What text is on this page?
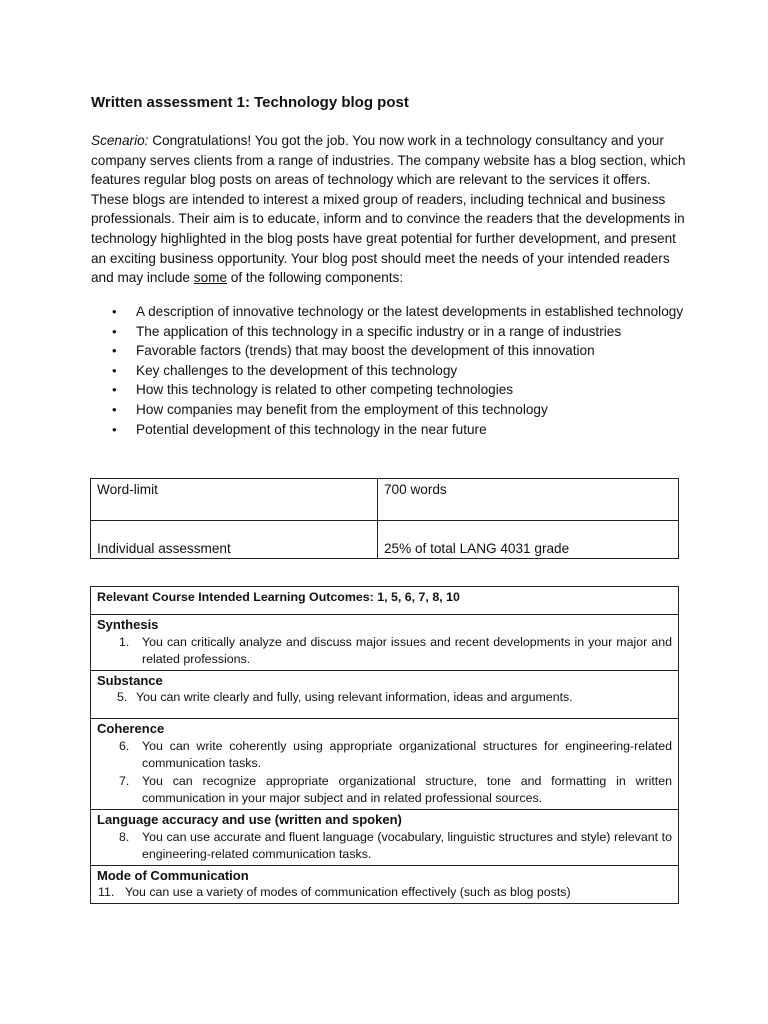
Written assessment 1: Technology blog post
Scenario: Congratulations! You got the job. You now work in a technology consultancy and your company serves clients from a range of industries. The company website has a blog section, which features regular blog posts on areas of technology which are relevant to the services it offers. These blogs are intended to interest a mixed group of readers, including technical and business professionals. Their aim is to educate, inform and to convince the readers that the developments in technology highlighted in the blog posts have great potential for further development, and present an exciting business opportunity. Your blog post should meet the needs of your intended readers and may include some of the following components:
• A description of innovative technology or the latest developments in established technology
• The application of this technology in a specific industry or in a range of industries
• Favorable factors (trends) that may boost the development of this innovation
• Key challenges to the development of this technology
• How this technology is related to other competing technologies
• How companies may benefit from the employment of this technology
• Potential development of this technology in the near future
Word-limit	700 words
Individual assessment	25% of total LANG 4031 grade
Relevant Course Intended Learning Outcomes: 1, 5, 6, 7, 8, 10

Synthesis
1. You can critically analyze and discuss major issues and recent developments in your major and related professions.

Substance
5. You can write clearly and fully, using relevant information, ideas and arguments.

Coherence
6. You can write coherently using appropriate organizational structures for engineering-related communication tasks.
7. You can recognize appropriate organizational structure, tone and formatting in written communication in your major subject and in related professional sources.

Language accuracy and use (written and spoken)
8. You can use accurate and fluent language (vocabulary, linguistic structures and style) relevant to engineering-related communication tasks.

Mode of Communication
11. You can use a variety of modes of communication effectively (such as blog posts)
